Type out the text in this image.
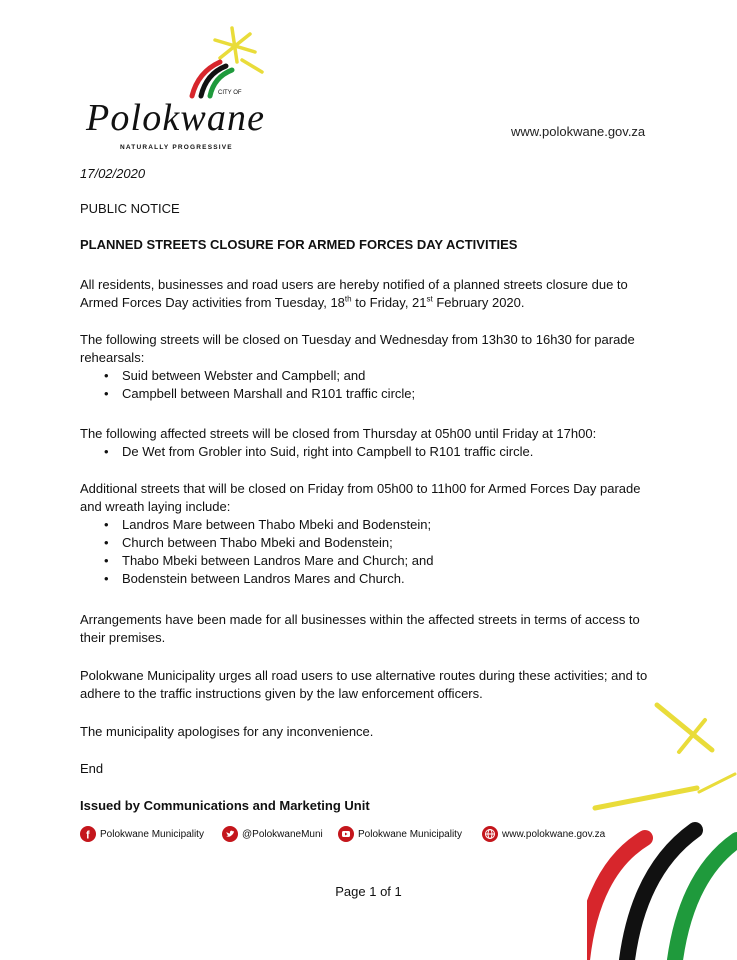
CITY OF
Polokwane
NATURALLY PROGRESSIVE
www.polokwane.gov.za
17/02/2020
PUBLIC NOTICE
PLANNED STREETS CLOSURE FOR ARMED FORCES DAY ACTIVITIES
All residents, businesses and road users are hereby notified of a planned streets closure due to
Armed Forces Day activities from Tuesday, 18th to Friday, 21st February 2020.
The following streets will be closed on Tuesday and Wednesday from 13h30 to 16h30 for parade rehearsals:
• Suid between Webster and Campbell; and
• Campbell between Marshall and R101 traffic circle;
The following affected streets will be closed from Thursday at 05h00 until Friday at 17h00:
• De Wet from Grobler into Suid, right into Campbell to R101 traffic circle.
Additional streets that will be closed on Friday from 05h00 to 11h00 for Armed Forces Day parade and wreath laying include:
• Landros Mare between Thabo Mbeki and Bodenstein;
• Church between Thabo Mbeki and Bodenstein;
• Thabo Mbeki between Landros Mare and Church; and
• Bodenstein between Landros Mares and Church.
Arrangements have been made for all businesses within the affected streets in terms of access to their premises.
Polokwane Municipality urges all road users to use alternative routes during these activities; and to adhere to the traffic instructions given by the law enforcement officers.
The municipality apologises for any inconvenience.
End
Issued by Communications and Marketing Unit
f Polokwane Municipality	@PolokwaneMuni	Polokwane Municipality	www.polokwane.gov.za
Page 1 of 1
